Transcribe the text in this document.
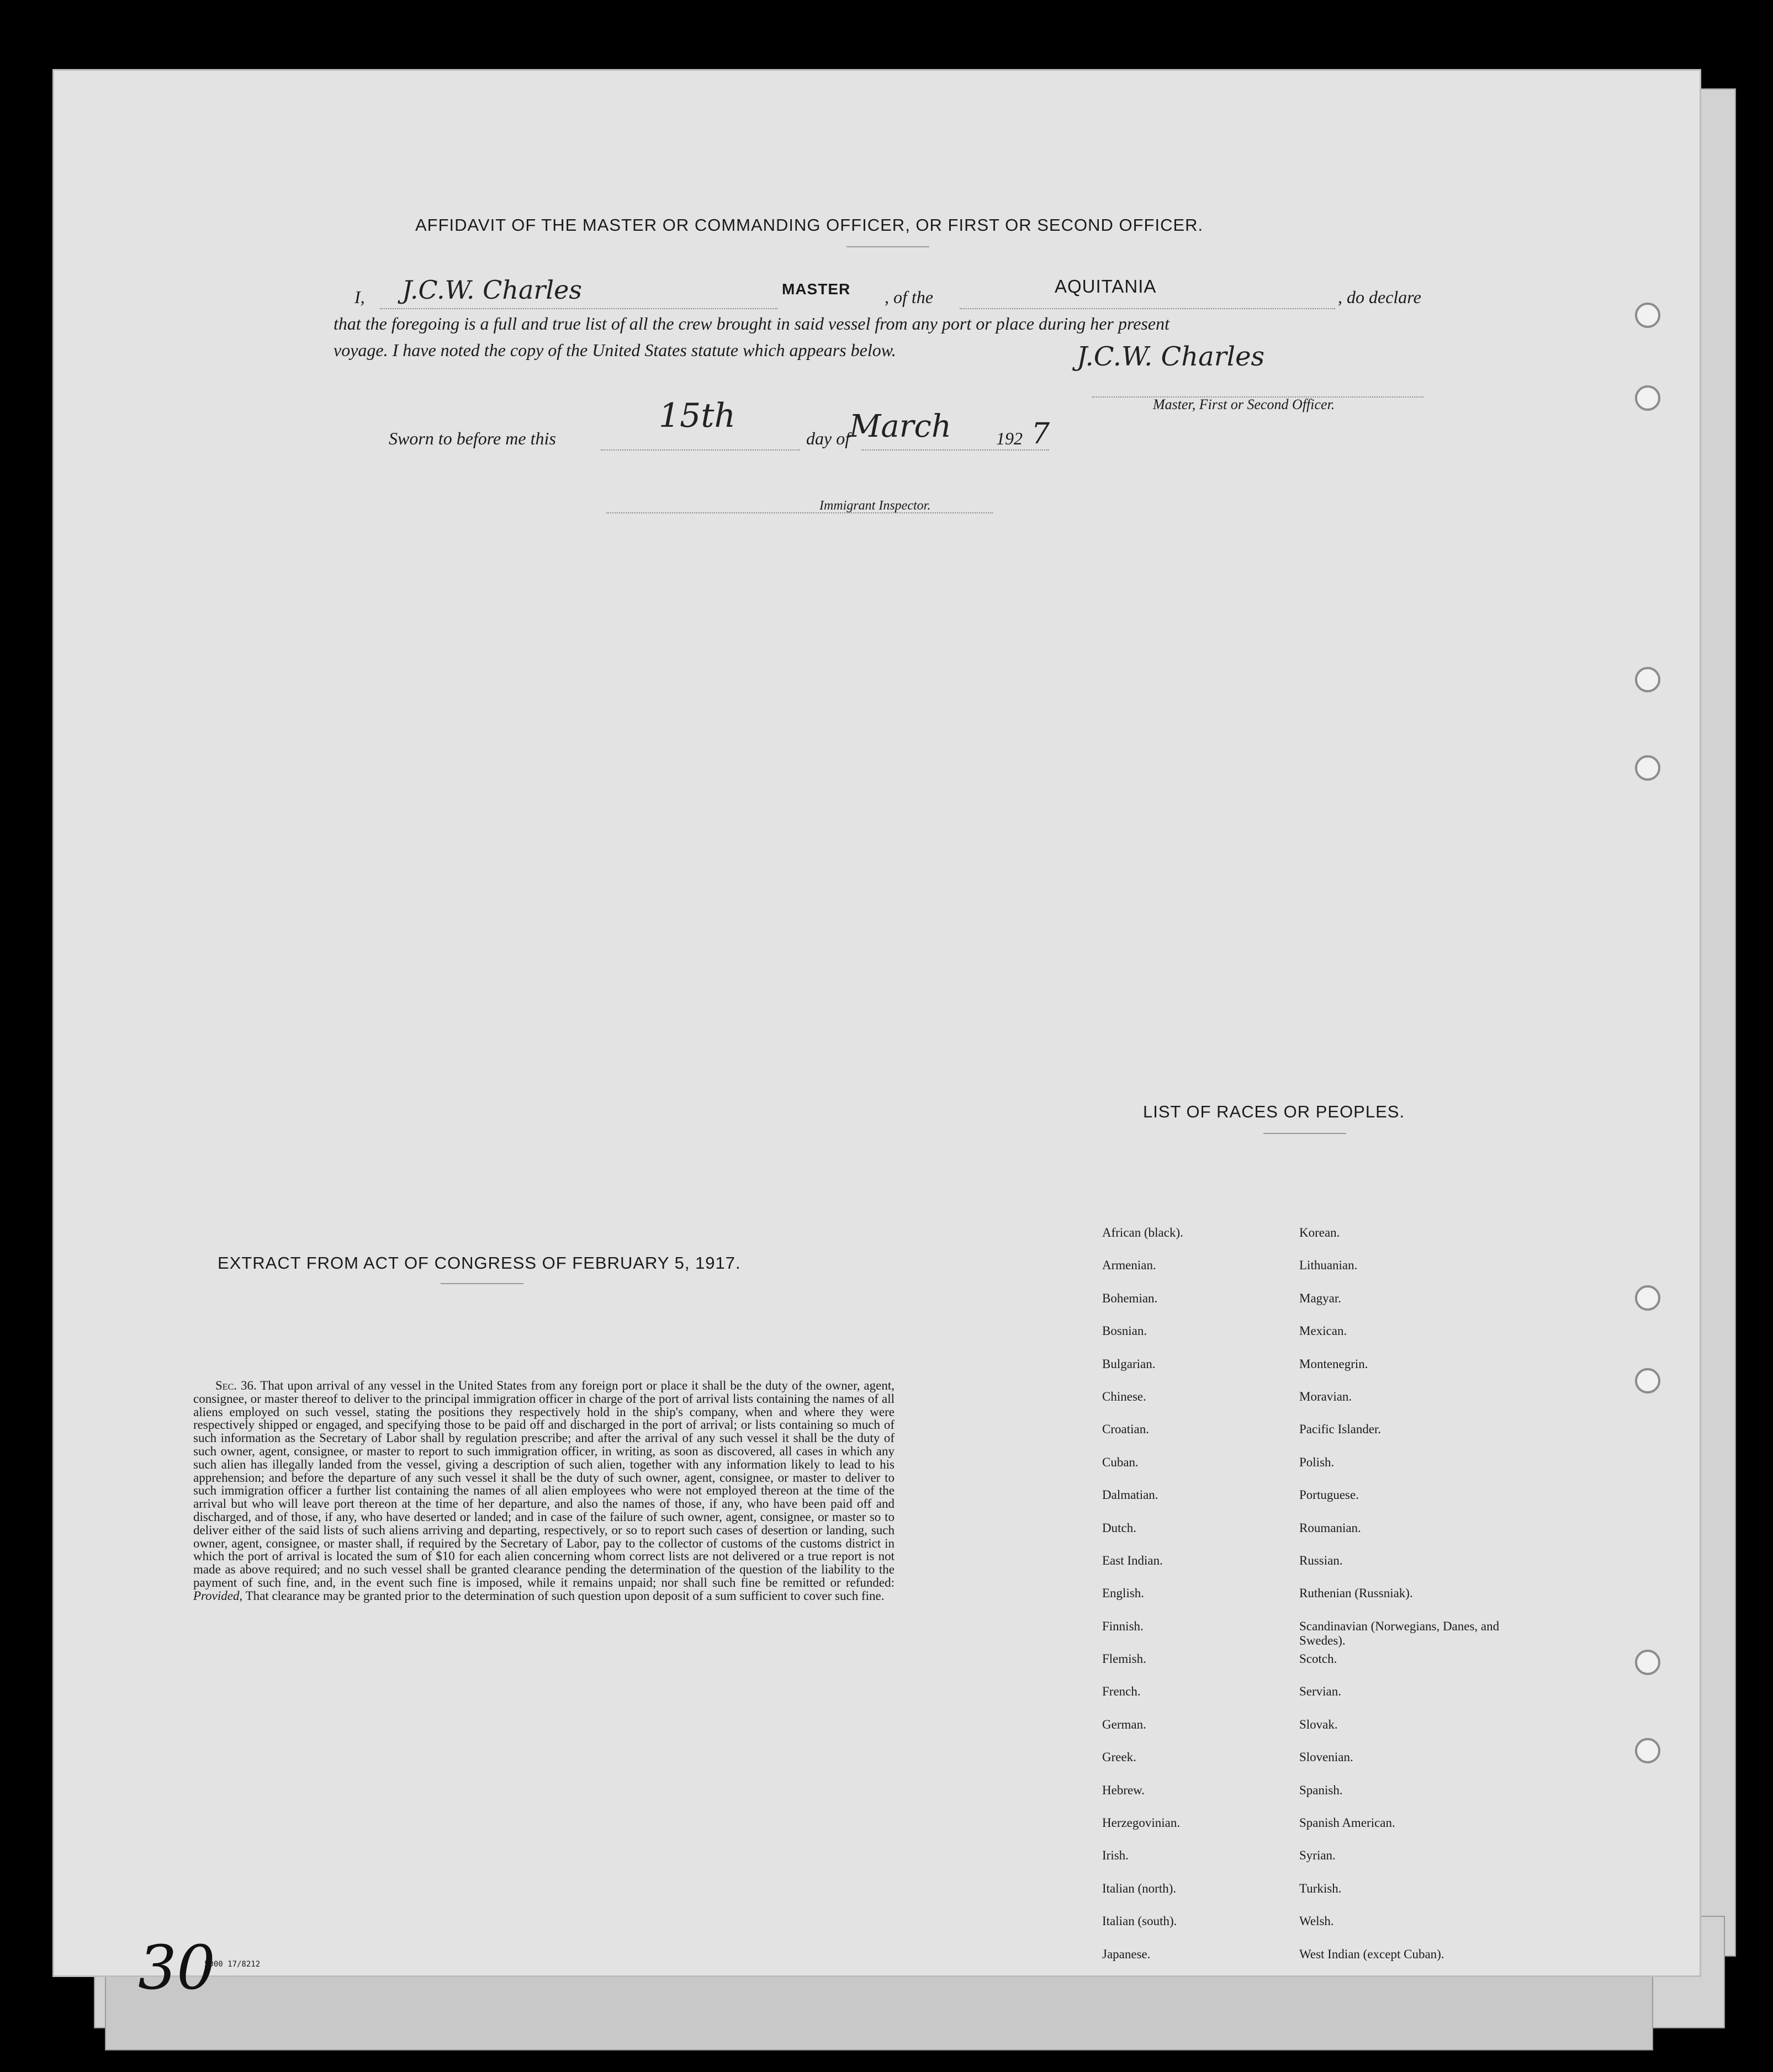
AFFIDAVIT OF THE MASTER OR COMMANDING OFFICER, OR FIRST OR SECOND OFFICER.
I, J.C.W. Charles	MASTER , of the
AQUITANIA
, do declare
that the foregoing is a full and true list of all the crew brought in said vessel from any port or place during her present
voyage. I have noted the copy of the United States statute which appears below.	J.C.W. Charles
Master, First or Second Officer.
Sworn to before me this
15th
day of
March	192 7
Immigrant Inspector.
LIST OF RACES OR PEOPLES.
African (black).	Korean.
Armenian.	Lithuanian.
Bohemian.	Magyar.
Bosnian.	Mexican.
Bulgarian.	Montenegrin.
Chinese.	Moravian.
Croatian.	Pacific Islander.
Cuban.	Polish.
Dalmatian.	Portuguese.
Dutch.	Roumanian.
East Indian.	Russian.
English.	Ruthenian (Russniak).
Finnish.	Scandinavian (Norwegians, Danes, and Swedes).
Flemish.	Scotch.
French.	Servian.
German.	Slovak.
Greek.	Slovenian.
Hebrew.	Spanish.
Herzegovinian.	Spanish American.
Irish.	Syrian.
Italian (north).	Turkish.
Italian (south).	Welsh.
Japanese.	West Indian (except Cuban).
EXTRACT FROM ACT OF CONGRESS OF FEBRUARY 5, 1917.
Sec. 36. That upon arrival of any vessel in the United States from any foreign port or place it shall be the duty of the owner, agent, consignee, or master thereof to deliver to the principal immigration officer in charge of the port of arrival lists containing the names of all aliens employed on such vessel, stating the positions they respectively hold in the ship's company, when and where they were respectively shipped or engaged, and specifying those to be paid off and discharged in the port of arrival; or lists containing so much of such information as the Secretary of Labor shall by regulation prescribe; and after the arrival of any such vessel it shall be the duty of such owner, agent, consignee, or master to report to such immigration officer, in writing, as soon as discovered, all cases in which any such alien has illegally landed from the vessel, giving a description of such alien, together with any information likely to lead to his apprehension; and before the departure of any such vessel it shall be the duty of such owner, agent, consignee, or master to deliver to such immigration officer a further list containing the names of all alien employees who were not employed thereon at the time of the arrival but who will leave port thereon at the time of her departure, and also the names of those, if any, who have been paid off and discharged, and of those, if any, who have deserted or landed; and in case of the failure of such owner, agent, consignee, or master so to deliver either of the said lists of such aliens arriving and departing, respectively, or so to report such cases of desertion or landing, such owner, agent, consignee, or master shall, if required by the Secretary of Labor, pay to the collector of customs of the customs district in which the port of arrival is located the sum of $10 for each alien concerning whom correct lists are not delivered or a true report is not made as above required; and no such vessel shall be granted clearance pending the determination of the question of the liability to the payment of such fine, and, in the event such fine is imposed, while it remains unpaid; nor shall such fine be remitted or refunded: Provided, That clearance may be granted prior to the determination of such question upon deposit of a sum sufficient to cover such fine.
5000 17/8212
30
